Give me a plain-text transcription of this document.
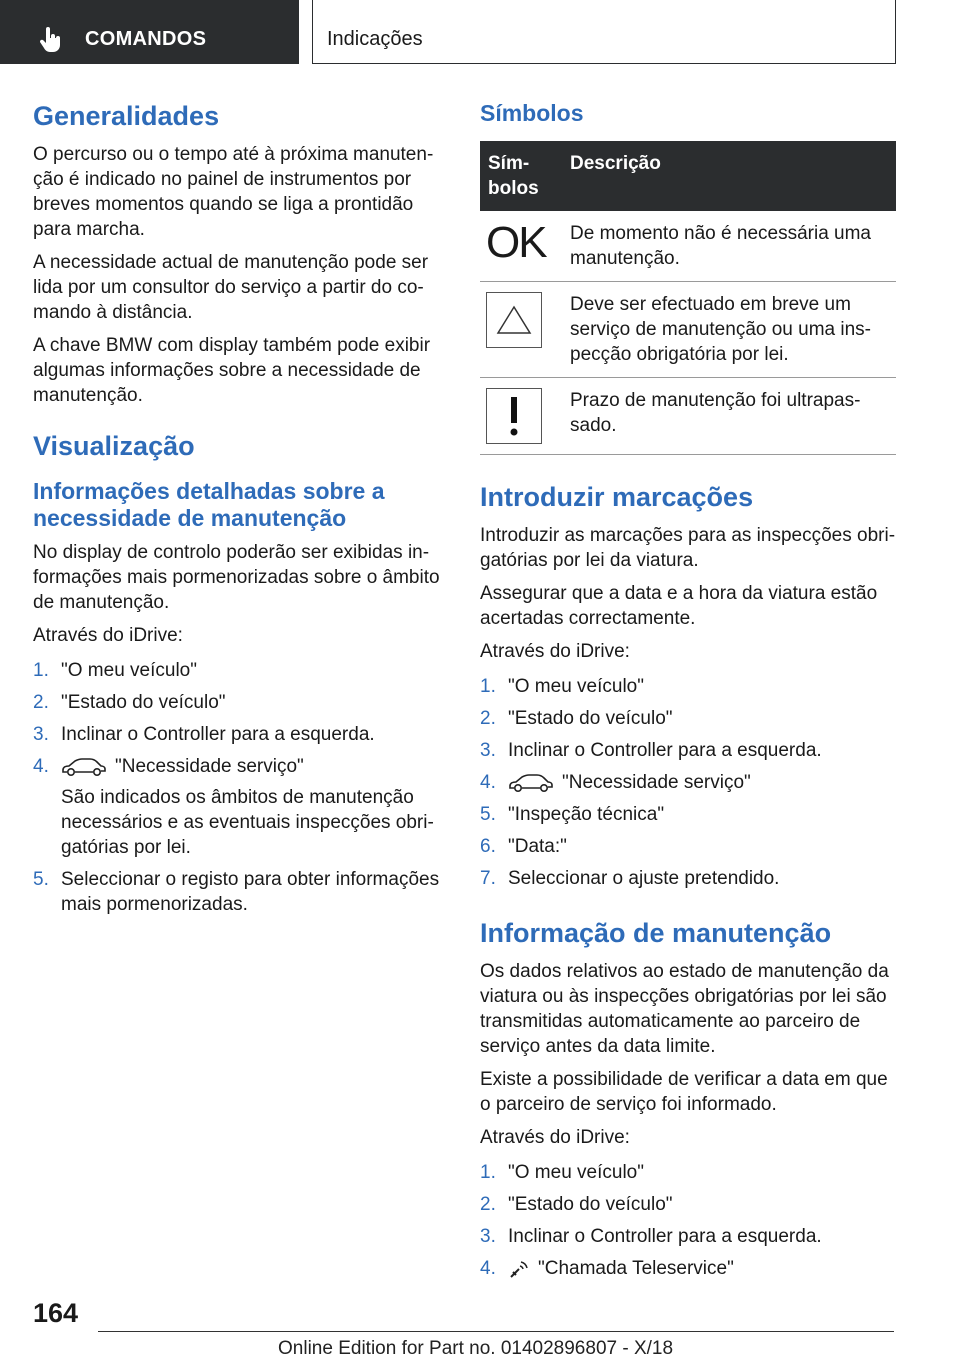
COMANDOS	Indicações
Generalidades

O percurso ou o tempo até à próxima manutenção é indicado no painel de instrumentos por breves momentos quando se liga a prontidão para marcha.

A necessidade actual de manutenção pode ser lida por um consultor do serviço a partir do comando à distância.

A chave BMW com display também pode exibir algumas informações sobre a necessidade de manutenção.

Visualização
Informações detalhadas sobre a necessidade de manutenção

No display de controlo poderão ser exibidas informações mais pormenorizadas sobre o âmbito de manutenção.

Através do iDrive:

1. "O meu veículo"
2. "Estado do veículo"
3. Inclinar o Controller para a esquerda.
4.	"Necessidade serviço"
São indicados os âmbitos de manutenção necessários e as eventuais inspecções obrigatórias por lei.
5. Seleccionar o registo para obter informações mais pormenorizadas.
Símbolos
Símbolos	Descrição
OK	De momento não é necessária uma manutenção.

	Deve ser efectuado em breve um serviço de manutenção ou uma inspecção obrigatória por lei.

	Prazo de manutenção foi ultrapassado.
Introduzir marcações

Introduzir as marcações para as inspecções obrigatórias por lei da viatura.

Assegurar que a data e a hora da viatura estão acertadas correctamente.

Através do iDrive:

1. "O meu veículo"
2. "Estado do veículo"
3. Inclinar o Controller para a esquerda.
4.	"Necessidade serviço"
5. "Inspeção técnica"
6. "Data:"
7. Seleccionar o ajuste pretendido.
Informação de manutenção

Os dados relativos ao estado de manutenção da viatura ou às inspecções obrigatórias por lei são transmitidas automaticamente ao parceiro de serviço antes da data limite.

Existe a possibilidade de verificar a data em que o parceiro de serviço foi informado.

Através do iDrive:

1. "O meu veículo"
2. "Estado do veículo"
3. Inclinar o Controller para a esquerda.
4. "Chamada Teleservice"
164
Online Edition for Part no. 01402896807 - X/18
